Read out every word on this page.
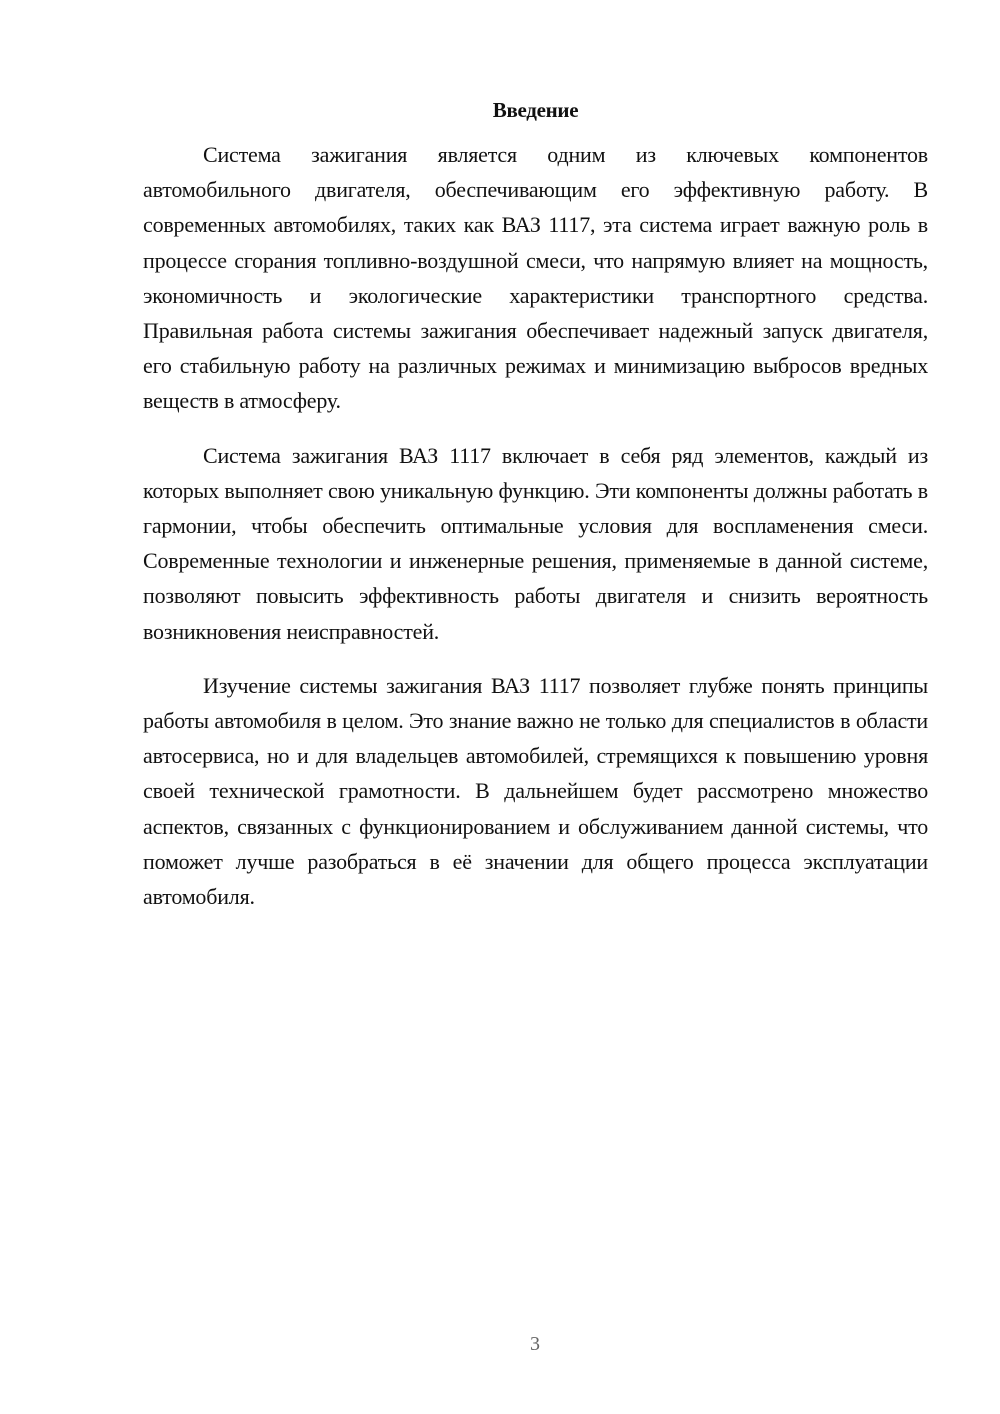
Введение

Система зажигания является одним из ключевых компонентов автомобильного двигателя, обеспечивающим его эффективную работу. В современных автомобилях, таких как ВАЗ 1117, эта система играет важную роль в процессе сгорания топливно-воздушной смеси, что напрямую влияет на мощность, экономичность и экологические характеристики транспортного средства. Правильная работа системы зажигания обеспечивает надежный запуск двигателя, его стабильную работу на различных режимах и минимизацию выбросов вредных веществ в атмосферу.

Система зажигания ВАЗ 1117 включает в себя ряд элементов, каждый из которых выполняет свою уникальную функцию. Эти компоненты должны работать в гармонии, чтобы обеспечить оптимальные условия для воспламенения смеси. Современные технологии и инженерные решения, применяемые в данной системе, позволяют повысить эффективность работы двигателя и снизить вероятность возникновения неисправностей.

Изучение системы зажигания ВАЗ 1117 позволяет глубже понять принципы работы автомобиля в целом. Это знание важно не только для специалистов в области автосервиса, но и для владельцев автомобилей, стремящихся к повышению уровня своей технической грамотности. В дальнейшем будет рассмотрено множество аспектов, связанных с функционированием и обслуживанием данной системы, что поможет лучше разобраться в её значении для общего процесса эксплуатации автомобиля.

3
